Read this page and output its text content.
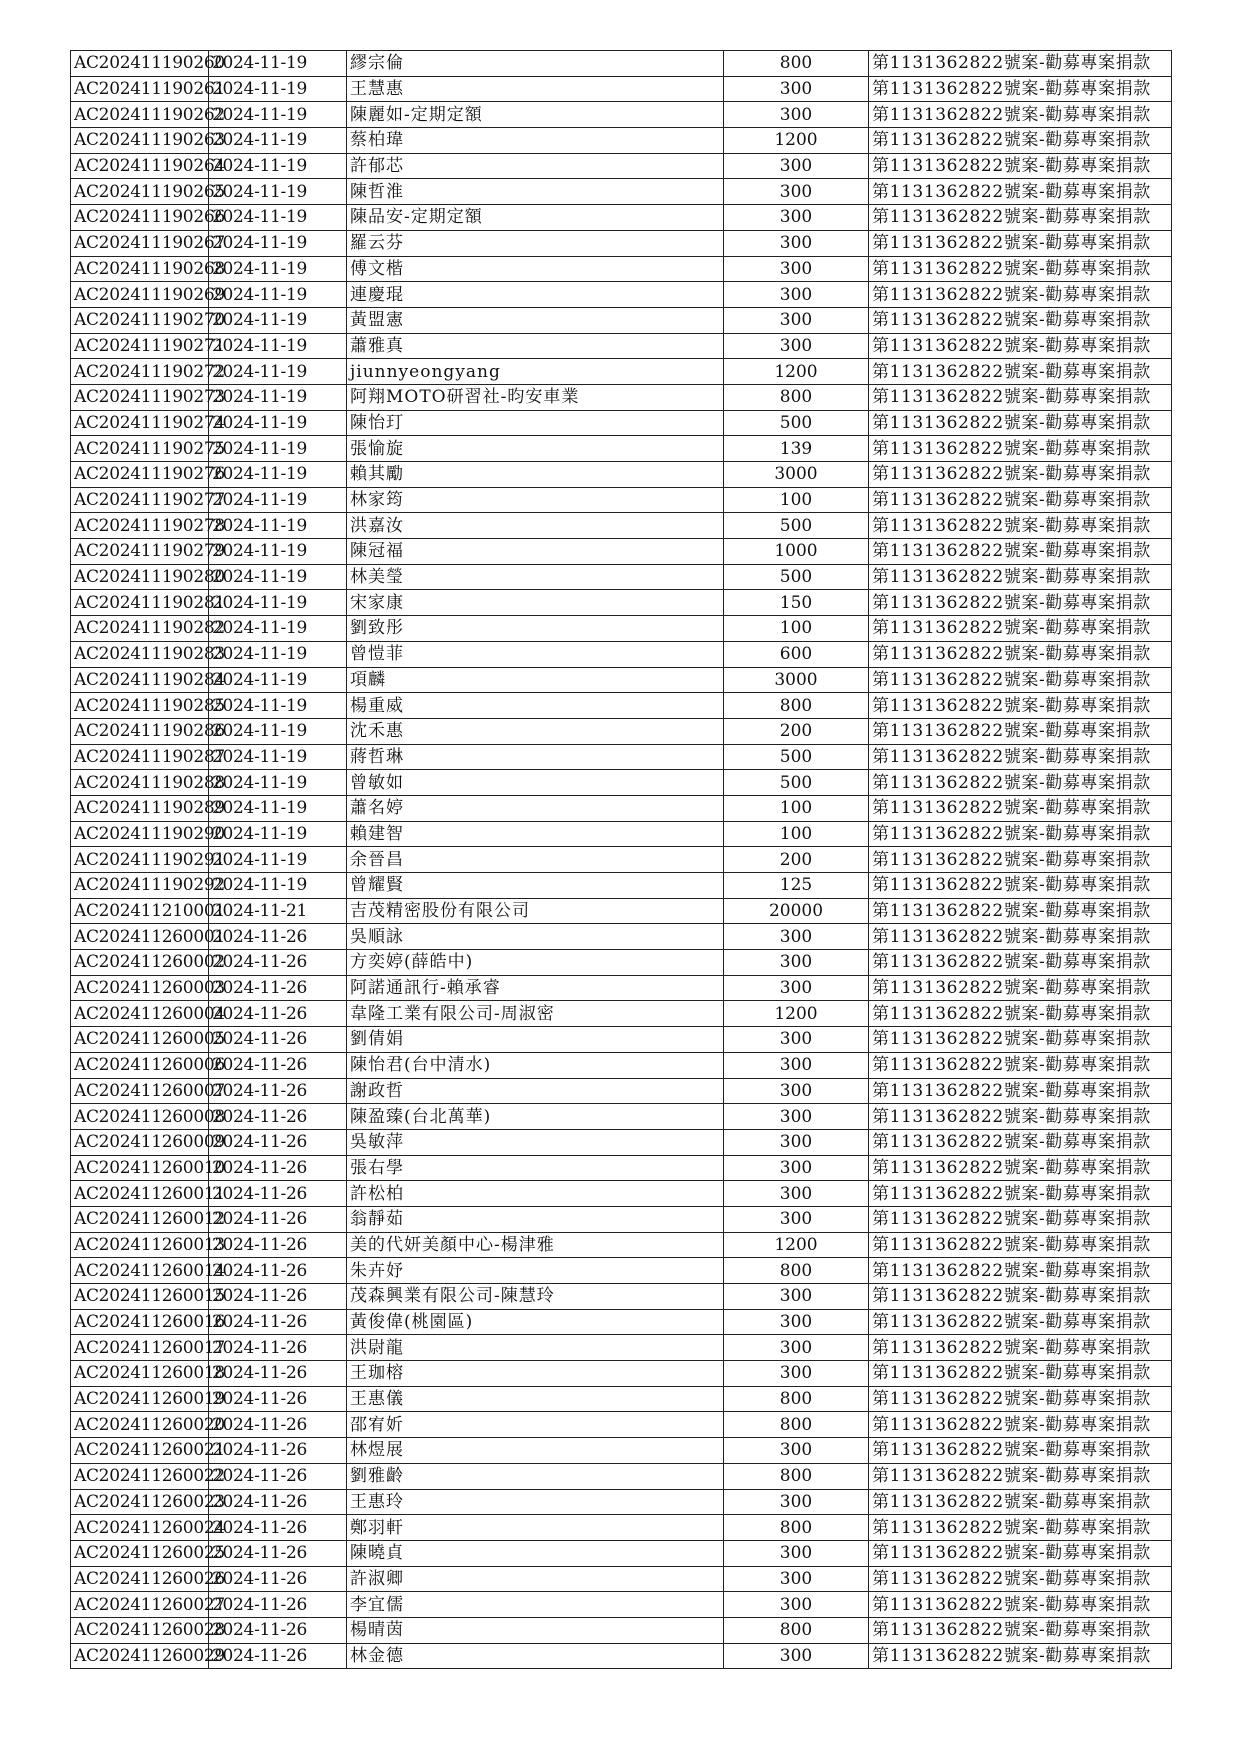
AC202411190260	2024-11-19	繆宗倫	800	第1131362822號案-勸募專案捐款
AC202411190261	2024-11-19	王慧惠	300	第1131362822號案-勸募專案捐款
AC202411190262	2024-11-19	陳麗如-定期定額	300	第1131362822號案-勸募專案捐款
AC202411190263	2024-11-19	蔡柏瑋	1200	第1131362822號案-勸募專案捐款
AC202411190264	2024-11-19	許郁芯	300	第1131362822號案-勸募專案捐款
AC202411190265	2024-11-19	陳哲淮	300	第1131362822號案-勸募專案捐款
AC202411190266	2024-11-19	陳品安-定期定額	300	第1131362822號案-勸募專案捐款
AC202411190267	2024-11-19	羅云芬	300	第1131362822號案-勸募專案捐款
AC202411190268	2024-11-19	傅文楷	300	第1131362822號案-勸募專案捐款
AC202411190269	2024-11-19	連慶琨	300	第1131362822號案-勸募專案捐款
AC202411190270	2024-11-19	黃盟憲	300	第1131362822號案-勸募專案捐款
AC202411190271	2024-11-19	蕭雅真	300	第1131362822號案-勸募專案捐款
AC202411190272	2024-11-19	jiunnyeongyang	1200	第1131362822號案-勸募專案捐款
AC202411190273	2024-11-19	阿翔MOTO研習社-昀安車業	800	第1131362822號案-勸募專案捐款
AC202411190274	2024-11-19	陳怡玎	500	第1131362822號案-勸募專案捐款
AC202411190275	2024-11-19	張愉旋	139	第1131362822號案-勸募專案捐款
AC202411190276	2024-11-19	賴其勵	3000	第1131362822號案-勸募專案捐款
AC202411190277	2024-11-19	林家筠	100	第1131362822號案-勸募專案捐款
AC202411190278	2024-11-19	洪嘉汝	500	第1131362822號案-勸募專案捐款
AC202411190279	2024-11-19	陳冠福	1000	第1131362822號案-勸募專案捐款
AC202411190280	2024-11-19	林美瑩	500	第1131362822號案-勸募專案捐款
AC202411190281	2024-11-19	宋家康	150	第1131362822號案-勸募專案捐款
AC202411190282	2024-11-19	劉致彤	100	第1131362822號案-勸募專案捐款
AC202411190283	2024-11-19	曾愷菲	600	第1131362822號案-勸募專案捐款
AC202411190284	2024-11-19	項麟	3000	第1131362822號案-勸募專案捐款
AC202411190285	2024-11-19	楊重威	800	第1131362822號案-勸募專案捐款
AC202411190286	2024-11-19	沈禾惠	200	第1131362822號案-勸募專案捐款
AC202411190287	2024-11-19	蔣哲琳	500	第1131362822號案-勸募專案捐款
AC202411190288	2024-11-19	曾敏如	500	第1131362822號案-勸募專案捐款
AC202411190289	2024-11-19	蕭名婷	100	第1131362822號案-勸募專案捐款
AC202411190290	2024-11-19	賴建智	100	第1131362822號案-勸募專案捐款
AC202411190291	2024-11-19	余晉昌	200	第1131362822號案-勸募專案捐款
AC202411190292	2024-11-19	曾耀賢	125	第1131362822號案-勸募專案捐款
AC202411210001	2024-11-21	吉茂精密股份有限公司	20000	第1131362822號案-勸募專案捐款
AC202411260001	2024-11-26	吳順詠	300	第1131362822號案-勸募專案捐款
AC202411260002	2024-11-26	方奕婷(薛皓中)	300	第1131362822號案-勸募專案捐款
AC202411260003	2024-11-26	阿諾通訊行-賴承睿	300	第1131362822號案-勸募專案捐款
AC202411260004	2024-11-26	韋隆工業有限公司-周淑密	1200	第1131362822號案-勸募專案捐款
AC202411260005	2024-11-26	劉倩娟	300	第1131362822號案-勸募專案捐款
AC202411260006	2024-11-26	陳怡君(台中清水)	300	第1131362822號案-勸募專案捐款
AC202411260007	2024-11-26	謝政哲	300	第1131362822號案-勸募專案捐款
AC202411260008	2024-11-26	陳盈臻(台北萬華)	300	第1131362822號案-勸募專案捐款
AC202411260009	2024-11-26	吳敏萍	300	第1131362822號案-勸募專案捐款
AC202411260010	2024-11-26	張右學	300	第1131362822號案-勸募專案捐款
AC202411260011	2024-11-26	許松柏	300	第1131362822號案-勸募專案捐款
AC202411260012	2024-11-26	翁靜茹	300	第1131362822號案-勸募專案捐款
AC202411260013	2024-11-26	美的代妍美顏中心-楊津雅	1200	第1131362822號案-勸募專案捐款
AC202411260014	2024-11-26	朱卉妤	800	第1131362822號案-勸募專案捐款
AC202411260015	2024-11-26	茂森興業有限公司-陳慧玲	300	第1131362822號案-勸募專案捐款
AC202411260016	2024-11-26	黃俊偉(桃園區)	300	第1131362822號案-勸募專案捐款
AC202411260017	2024-11-26	洪尉龍	300	第1131362822號案-勸募專案捐款
AC202411260018	2024-11-26	王珈榕	300	第1131362822號案-勸募專案捐款
AC202411260019	2024-11-26	王惠儀	800	第1131362822號案-勸募專案捐款
AC202411260020	2024-11-26	邵宥妡	800	第1131362822號案-勸募專案捐款
AC202411260021	2024-11-26	林煜展	300	第1131362822號案-勸募專案捐款
AC202411260022	2024-11-26	劉雅齡	800	第1131362822號案-勸募專案捐款
AC202411260023	2024-11-26	王惠玲	300	第1131362822號案-勸募專案捐款
AC202411260024	2024-11-26	鄭羽軒	800	第1131362822號案-勸募專案捐款
AC202411260025	2024-11-26	陳曉貞	300	第1131362822號案-勸募專案捐款
AC202411260026	2024-11-26	許淑卿	300	第1131362822號案-勸募專案捐款
AC202411260027	2024-11-26	李宜儒	300	第1131362822號案-勸募專案捐款
AC202411260028	2024-11-26	楊晴茵	800	第1131362822號案-勸募專案捐款
AC202411260029	2024-11-26	林金德	300	第1131362822號案-勸募專案捐款
